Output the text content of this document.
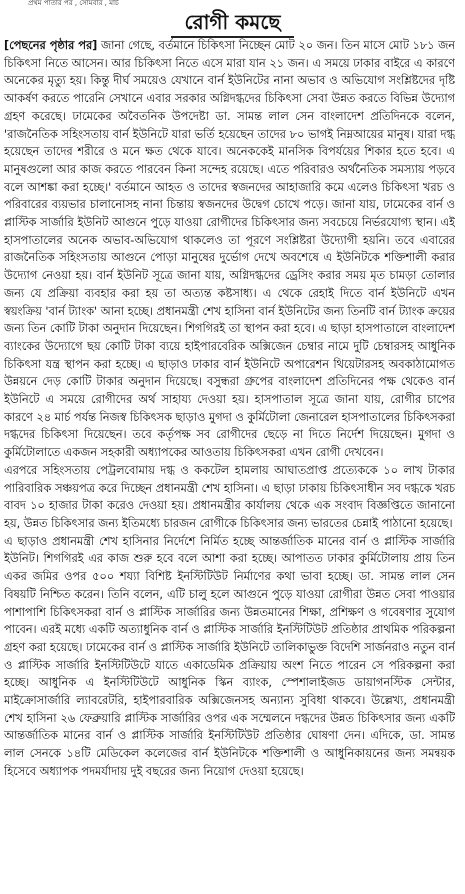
প্রথম পাতার পর , সোমবার , মার্চ
রোগী কমছে

[পেছনের পৃষ্ঠার পর] জানা গেছে, বর্তমানে চিকিৎসা নিচ্ছেন মোট ২০ জন। তিন মাসে মোট ১৮১ জন চিকিৎসা নিতে আসেন। আর চিকিৎসা নিতে এসে মারা যান ২১ জন। এ সময়ে ঢাকার বাইরে এ কারণে অনেকের মৃত্যু হয়। কিন্তু দীর্ঘ সময়েও যেখানে বার্ন ইউনিটের নানা অভাব ও অভিযোগ সংশ্লিষ্টদের দৃষ্টি আকর্ষণ করতে পারেনি সেখানে এবার সরকার অগ্নিদগ্ধদের চিকিৎসা সেবা উন্নত করতে বিভিন্ন উদ্যোগ গ্রহণ করেছে। ঢামেকের অবৈতনিক উপদেষ্টা ডা. সামন্ত লাল সেন বাংলাদেশ প্রতিদিনকে বলেন, 'রাজনৈতিক সহিংসতায় বার্ন ইউনিটে যারা ভর্তি হয়েছেন তাদের ৮০ ভাগই নিম্নআয়ের মানুষ। যারা দগ্ধ হয়েছেন তাদের শরীরে ও মনে ক্ষত থেকে যাবে। অনেককেই মানসিক বিপর্যয়ের শিকার হতে হবে। এ মানুষগুলো আর কাজ করতে পারবেন কিনা সন্দেহ রয়েছে। এতে পরিবারও অর্থনৈতিক সমস্যায় পড়বে বলে আশঙ্কা করা হচ্ছে।' বর্তমানে আহত ও তাদের স্বজনদের আহাজারি কমে এলেও চিকিৎসা খরচ ও পরিবারের ব্যয়ভার চালানোসহ নানা চিন্তায় স্বজনদের উদ্বেগ চোখে পড়ে। জানা যায়, ঢামেকের বার্ন ও প্লাস্টিক সার্জারি ইউনিট আগুনে পুড়ে যাওয়া রোগীদের চিকিৎসার জন্য সবচেয়ে নির্ভরযোগ্য স্থান। এই হাসপাতালের অনেক অভাব-অভিযোগ থাকলেও তা পূরণে সংশ্লিষ্টরা উদ্যোগী হয়নি। তবে এবারের রাজনৈতিক সহিংসতায় আগুনে পোড়া মানুষের দুর্ভোগ দেখে অবশেষে এ ইউনিটকে শক্তিশালী করার উদ্যোগ নেওয়া হয়। বার্ন ইউনিট সূত্রে জানা যায়, অগ্নিদগ্ধদের ড্রেসিং করার সময় মৃত চামড়া তোলার জন্য যে প্রক্রিয়া ব্যবহার করা হয় তা অত্যন্ত কষ্টসাধ্য। এ থেকে রেহাই দিতে বার্ন ইউনিটে এখন স্বয়ংক্রিয় 'বার্ন ট্যাংক' আনা হচ্ছে। প্রধানমন্ত্রী শেখ হাসিনা বার্ন ইউনিটের জন্য তিনটি বার্ন ট্যাংক ক্রয়ের জন্য তিন কোটি টাকা অনুদান দিয়েছেন। শিগগিরই তা স্থাপন করা হবে। এ ছাড়া হাসপাতালে বাংলাদেশ ব্যাংকের উদ্যোগে ছয় কোটি টাকা ব্যয়ে হাইপারবেরিক অক্সিজেন চেম্বার নামে দুটি চেম্বারসহ আধুনিক চিকিৎসা যন্ত্র স্থাপন করা হচ্ছে। এ ছাড়াও ঢাকার বার্ন ইউনিটে অপারেশন থিয়েটারসহ অবকাঠামোগত উন্নয়নে দেড় কোটি টাকার অনুদান দিয়েছে। বসুন্ধরা গ্রুপের বাংলাদেশ প্রতিদিনের পক্ষ থেকেও বার্ন ইউনিটে এ সময়ে রোগীদের অর্থ সাহায্য দেওয়া হয়। হাসপাতাল সূত্রে জানা যায়, রোগীর চাপের কারণে ২৪ মার্চ পর্যন্ত নিজস্ব চিকিৎসক ছাড়াও মুগদা ও কুর্মিটোলা জেনারেল হাসপাতালের চিকিৎসকরা দগ্ধদের চিকিৎসা দিয়েছেন। তবে কর্তৃপক্ষ সব রোগীদের ছেড়ে না দিতে নির্দেশ দিয়েছেন। মুগদা ও কুর্মিটোলাতে একজন সহকারী অধ্যাপকের আওতায় চিকিৎসকরা এখন রোগী দেখবেন।

এরপরে সহিংসতায় পেট্রলবোমায় দগ্ধ ও ককটেল হামলায় আঘাতপ্রাপ্ত প্রত্যেককে ১০ লাখ টাকার পারিবারিক সঞ্চয়পত্র করে দিচ্ছেন প্রধানমন্ত্রী শেখ হাসিনা। এ ছাড়া ঢাকায় চিকিৎসাধীন সব দগ্ধকে খরচ বাবদ ১০ হাজার টাকা করেও দেওয়া হয়। প্রধানমন্ত্রীর কার্যালয় থেকে এক সংবাদ বিজ্ঞপ্তিতে জানানো হয়, উন্নত চিকিৎসার জন্য ইতিমধ্যে চারজন রোগীকে চিকিৎসার জন্য ভারতের চেন্নাই পাঠানো হয়েছে।

এ ছাড়াও প্রধানমন্ত্রী শেখ হাসিনার নির্দেশে নির্মিত হচ্ছে আন্তর্জাতিক মানের বার্ন ও প্লাস্টিক সার্জারি ইউনিট। শিগগিরই এর কাজ শুরু হবে বলে আশা করা হচ্ছে। আপাতত ঢাকার কুর্মিটোলায় প্রায় তিন একর জমির ওপর ৫০০ শয্যা বিশিষ্ট ইনস্টিটিউট নির্মাণের কথা ভাবা হচ্ছে। ডা. সামন্ত লাল সেন বিষয়টি নিশ্চিত করেন। তিনি বলেন, এটি চালু হলে আগুনে পুড়ে যাওয়া রোগীরা উন্নত সেবা পাওয়ার পাশাপাশি চিকিৎসকরা বার্ন ও প্লাস্টিক সার্জারির জন্য উন্নতমানের শিক্ষা, প্রশিক্ষণ ও গবেষণার সুযোগ পাবেন। এরই মধ্যে একটি অত্যাধুনিক বার্ন ও প্লাস্টিক সার্জারি ইনস্টিটিউট প্রতিষ্ঠার প্রাথমিক পরিকল্পনা গ্রহণ করা হয়েছে। ঢামেকের বার্ন ও প্লাস্টিক সার্জারি ইউনিটে তালিকাভুক্ত বিদেশি সার্জনরাও নতুন বার্ন ও প্লাস্টিক সার্জারি ইনস্টিটিউটে যাতে একাডেমিক প্রক্রিয়ায় অংশ নিতে পারেন সে পরিকল্পনা করা হচ্ছে। আধুনিক এ ইনস্টিটিউটে আধুনিক স্কিন ব্যাংক, স্পেশালাইজড ডায়াগনস্টিক সেন্টার, মাইক্রোসার্জারি ল্যাবরেটরি, হাইপারবারিক অক্সিজেনসহ অন্যান্য সুবিধা থাকবে। উল্লেখ্য, প্রধানমন্ত্রী শেখ হাসিনা ২৬ ফেব্রুয়ারি প্লাস্টিক সার্জারির ওপর এক সম্মেলনে দগ্ধদের উন্নত চিকিৎসার জন্য একটি আন্তর্জাতিক মানের বার্ন ও প্লাস্টিক সার্জারি ইনস্টিটিউট প্রতিষ্ঠার ঘোষণা দেন। এদিকে, ডা. সামন্ত লাল সেনকে ১৪টি মেডিকেল কলেজের বার্ন ইউনিটকে শক্তিশালী ও আধুনিকায়নের জন্য সমন্বয়ক হিসেবে অধ্যাপক পদমর্যাদায় দুই বছরের জন্য নিয়োগ দেওয়া হয়েছে।
